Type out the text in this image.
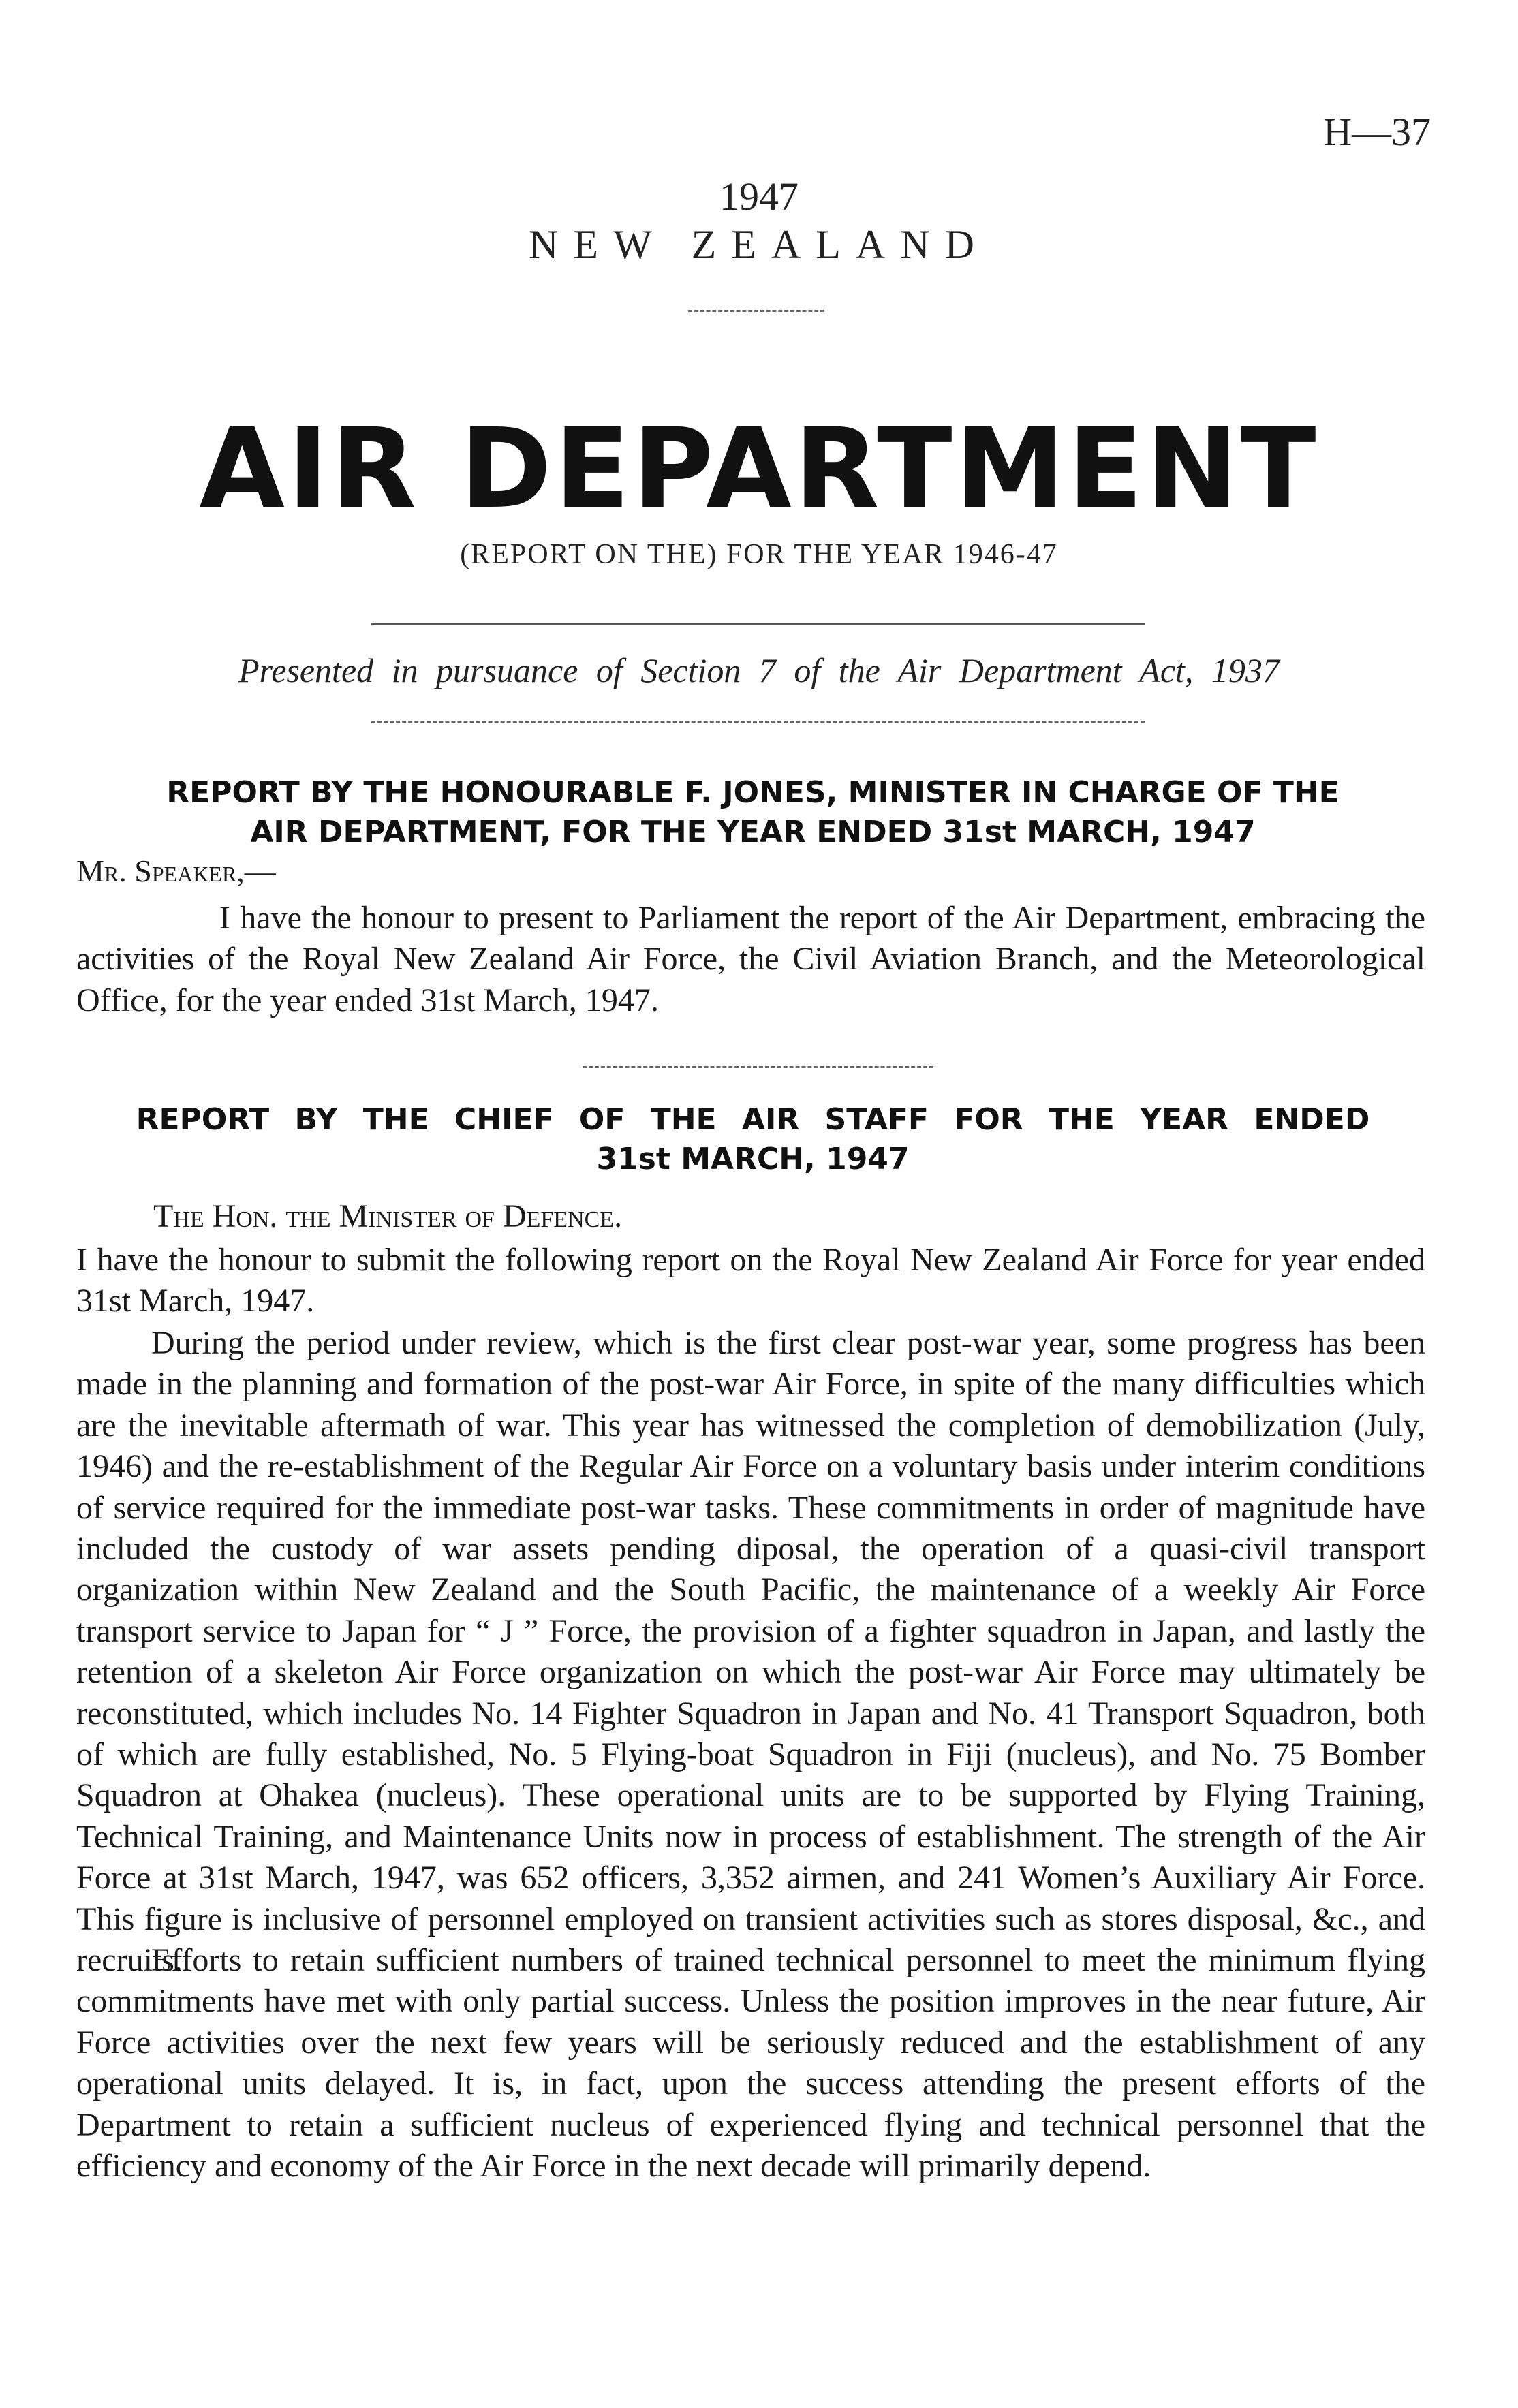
H—37
1947
NEW ZEALAND
AIR DEPARTMENT
(REPORT ON THE) FOR THE YEAR 1946-47
Presented in pursuance of Section 7 of the Air Department Act, 1937
REPORT BY THE HONOURABLE F. JONES, MINISTER IN CHARGE OF THE
AIR DEPARTMENT, FOR THE YEAR ENDED 31st MARCH, 1947
Mr. Speaker,—

I have the honour to present to Parliament the report of the Air Department, embracing the activities of the Royal New Zealand Air Force, the Civil Aviation Branch, and the Meteorological Office, for the year ended 31st March, 1947.

REPORT BY THE CHIEF OF THE AIR STAFF FOR THE YEAR ENDED
31st MARCH, 1947
The Hon. the Minister of Defence.

I have the honour to submit the following report on the Royal New Zealand Air Force for year ended 31st March, 1947.

During the period under review, which is the first clear post-war year, some progress has been made in the planning and formation of the post-war Air Force, in spite of the many difficulties which are the inevitable aftermath of war. This year has witnessed the completion of demobilization (July, 1946) and the re-establishment of the Regular Air Force on a voluntary basis under interim conditions of service required for the immediate post-war tasks. These commitments in order of magnitude have included the custody of war assets pending diposal, the operation of a quasi-civil transport organization within New Zealand and the South Pacific, the maintenance of a weekly Air Force transport service to Japan for “ J ” Force, the provision of a fighter squadron in Japan, and lastly the retention of a skeleton Air Force organization on which the post-war Air Force may ultimately be reconstituted, which includes No. 14 Fighter Squadron in Japan and No. 41 Transport Squadron, both of which are fully established, No. 5 Flying-boat Squadron in Fiji (nucleus), and No. 75 Bomber Squadron at Ohakea (nucleus). These operational units are to be supported by Flying Training, Technical Training, and Maintenance Units now in process of establishment. The strength of the Air Force at 31st March, 1947, was 652 officers, 3,352 airmen, and 241 Women’s Auxiliary Air Force. This figure is inclusive of personnel employed on transient activities such as stores disposal, &c., and recruits.

Efforts to retain sufficient numbers of trained technical personnel to meet the minimum flying commitments have met with only partial success. Unless the position improves in the near future, Air Force activities over the next few years will be seriously reduced and the establishment of any operational units delayed. It is, in fact, upon the success attending the present efforts of the Department to retain a sufficient nucleus of experienced flying and technical personnel that the efficiency and economy of the Air Force in the next decade will primarily depend.
